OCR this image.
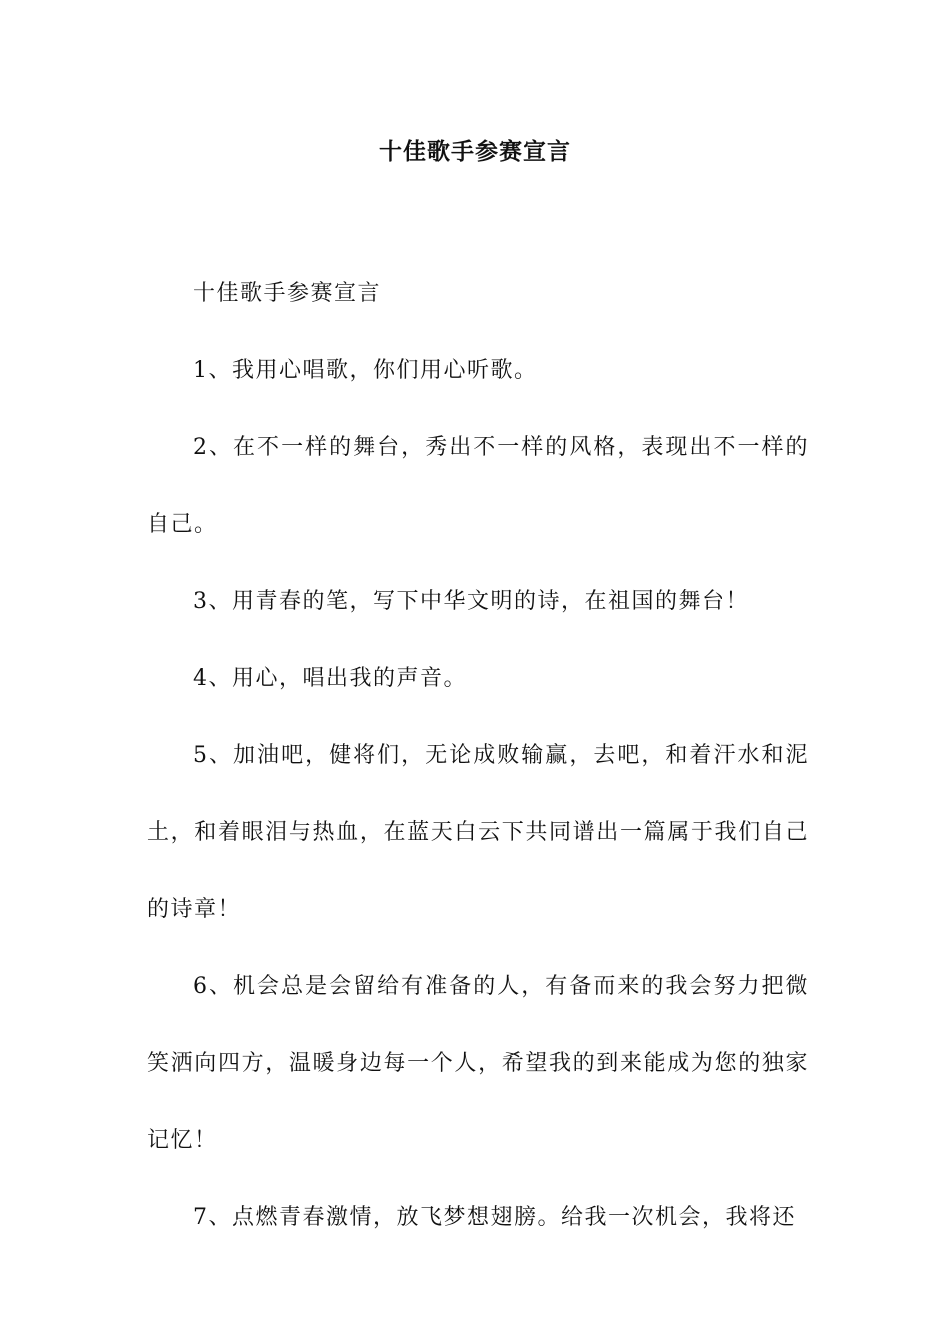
十佳歌手参赛宣言

十佳歌手参赛宣言

1、我用心唱歌，你们用心听歌。

2、在不一样的舞台，秀出不一样的风格，表现出不一样的自己。

3、用青春的笔，写下中华文明的诗，在祖国的舞台！

4、用心，唱出我的声音。

5、加油吧，健将们，无论成败输赢，去吧，和着汗水和泥土，和着眼泪与热血，在蓝天白云下共同谱出一篇属于我们自己的诗章！

6、机会总是会留给有准备的人，有备而来的我会努力把微笑洒向四方，温暖身边每一个人，希望我的到来能成为您的独家记忆！

7、点燃青春激情，放飞梦想翅膀。给我一次机会，我将还
